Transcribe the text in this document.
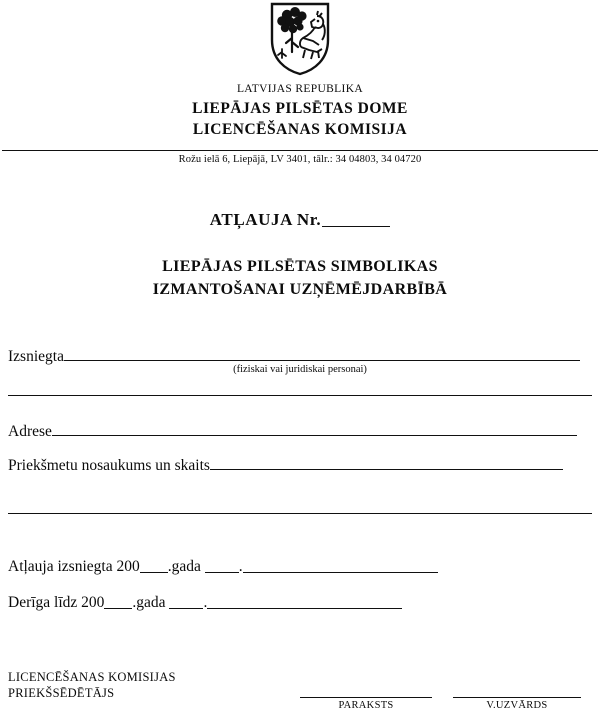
LATVIJAS REPUBLIKA
LIEPĀJAS PILSĒTAS DOME
LICENCĒŠANAS KOMISIJA
Rožu ielā 6, Liepājā, LV 3401, tālr.: 34 04803, 34 04720
ATĻAUJA Nr.
LIEPĀJAS PILSĒTAS SIMBOLIKAS
IZMANTOŠANAI UZŅĒMĒJDARBĪBĀ
Izsniegta
(fiziskai vai juridiskai personai)
Adrese
Priekšmetu nosaukums un skaits
Atļauja izsniegta 200 .gada .
Derīga līdz 200 .gada .
LICENCĒŠANAS KOMISIJAS
PRIEKŠSĒDĒTĀJS
PARAKSTS	V.UZVĀRDS
